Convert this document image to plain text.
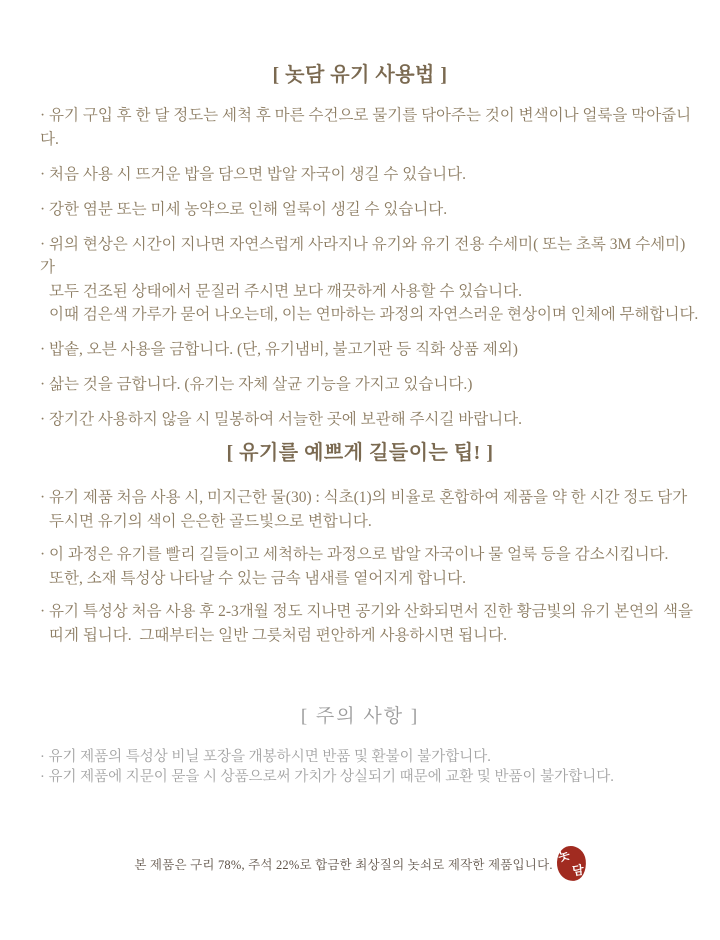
[ 놋담 유기 사용법 ]

· 유기 구입 후 한 달 정도는 세척 후 마른 수건으로 물기를 닦아주는 것이 변색이나 얼룩을 막아줍니다.

· 처음 사용 시 뜨거운 밥을 담으면 밥알 자국이 생길 수 있습니다.

· 강한 염분 또는 미세 농약으로 인해 얼룩이 생길 수 있습니다.

· 위의 현상은 시간이 지나면 자연스럽게 사라지나 유기와 유기 전용 수세미( 또는 초록 3M 수세미)가
모두 건조된 상태에서 문질러 주시면 보다 깨끗하게 사용할 수 있습니다.
이때 검은색 가루가 묻어 나오는데, 이는 연마하는 과정의 자연스러운 현상이며 인체에 무해합니다.

· 밥솥, 오븐 사용을 금합니다. (단, 유기냄비, 불고기판 등 직화 상품 제외)

· 삶는 것을 금합니다. (유기는 자체 살균 기능을 가지고 있습니다.)

· 장기간 사용하지 않을 시 밀봉하여 서늘한 곳에 보관해 주시길 바랍니다.

[ 유기를 예쁘게 길들이는 팁! ]

· 유기 제품 처음 사용 시, 미지근한 물(30) : 식초(1)의 비율로 혼합하여 제품을 약 한 시간 정도 담가
두시면 유기의 색이 은은한 골드빛으로 변합니다.

· 이 과정은 유기를 빨리 길들이고 세척하는 과정으로 밥알 자국이나 물 얼룩 등을 감소시킵니다.
또한, 소재 특성상 나타날 수 있는 금속 냄새를 옅어지게 합니다.

· 유기 특성상 처음 사용 후 2-3개월 정도 지나면 공기와 산화되면서 진한 황금빛의 유기 본연의 색을
띠게 됩니다.  그때부터는 일반 그릇처럼 편안하게 사용하시면 됩니다.

[ 주의 사항 ]

· 유기 제품의 특성상 비닐 포장을 개봉하시면 반품 및 환불이 불가합니다.

· 유기 제품에 지문이 묻을 시 상품으로써 가치가 상실되기 때문에 교환 및 반품이 불가합니다.

본 제품은 구리 78%, 주석 22%로 합금한 최상질의 놋쇠로 제작한 제품입니다.
놋
담
